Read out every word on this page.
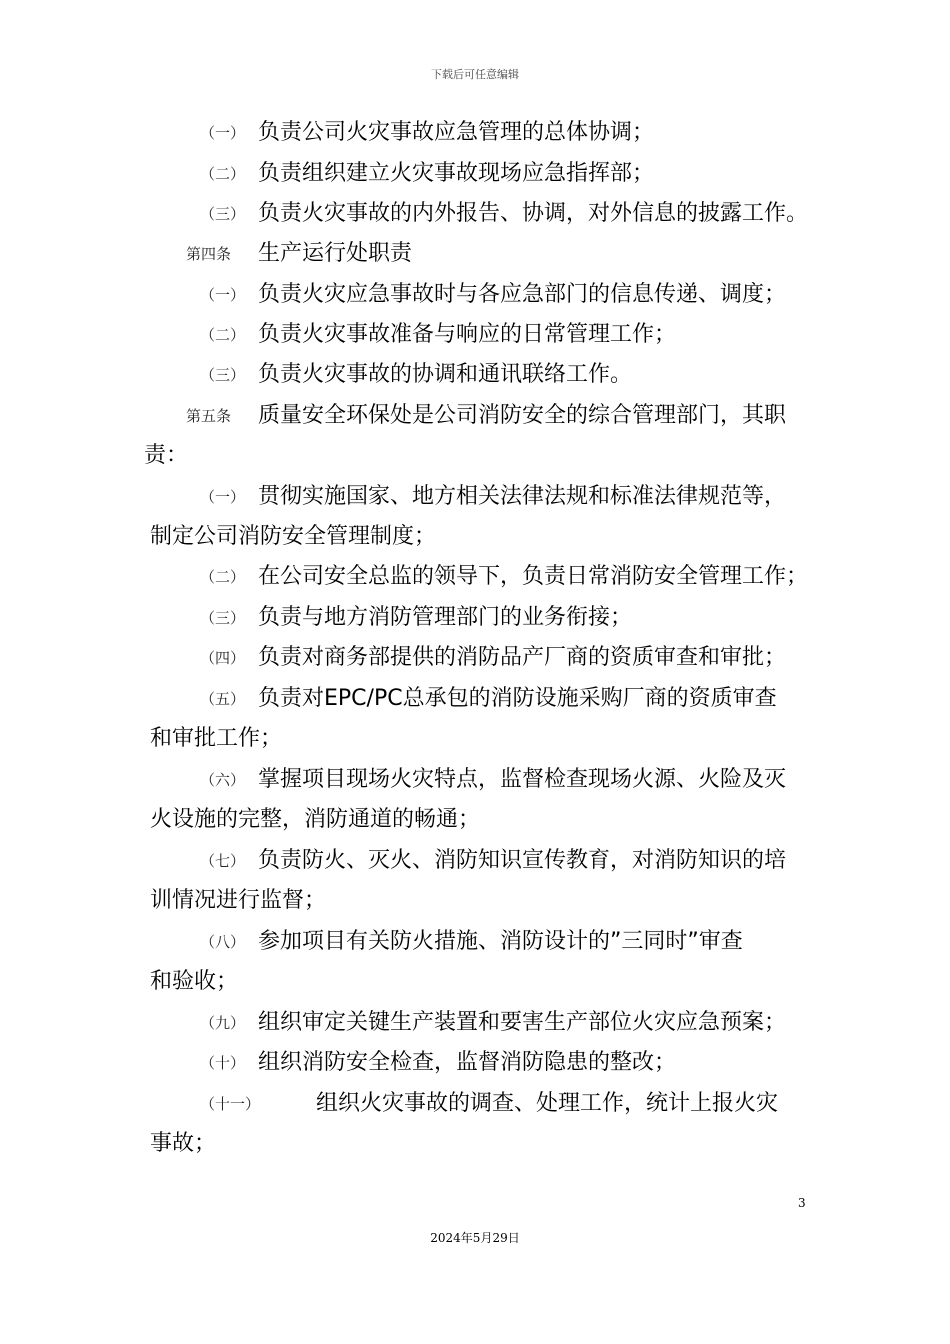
下载后可任意编辑
（一） 负责公司火灾事故应急管理的总体协调；
（二） 负责组织建立火灾事故现场应急指挥部；
（三） 负责火灾事故的内外报告、协调，对外信息的披露工作。
第四条 生产运行处职责
（一） 负责火灾应急事故时与各应急部门的信息传递、调度；
（二） 负责火灾事故准备与响应的日常管理工作；
（三） 负责火灾事故的协调和通讯联络工作。
第五条 质量安全环保处是公司消防安全的综合管理部门，其职
责：
（一） 贯彻实施国家、地方相关法律法规和标准法律规范等，
制定公司消防安全管理制度；
（二） 在公司安全总监的领导下，负责日常消防安全管理工作；
（三） 负责与地方消防管理部门的业务衔接；
（四） 负责对商务部提供的消防品产厂商的资质审查和审批；
（五） 负责对EPC/PC总承包的消防设施采购厂商的资质审查
和审批工作；
（六） 掌握项目现场火灾特点，监督检查现场火源、火险及灭
火设施的完整，消防通道的畅通；
（七） 负责防火、灭火、消防知识宣传教育，对消防知识的培
训情况进行监督；
（八） 参加项目有关防火措施、消防设计的”三同时”审查
和验收；
（九） 组织审定关键生产装置和要害生产部位火灾应急预案；
（十） 组织消防安全检查，监督消防隐患的整改；
（十一）	组织火灾事故的调查、处理工作，统计上报火灾
事故；
3
2024年5月29日
